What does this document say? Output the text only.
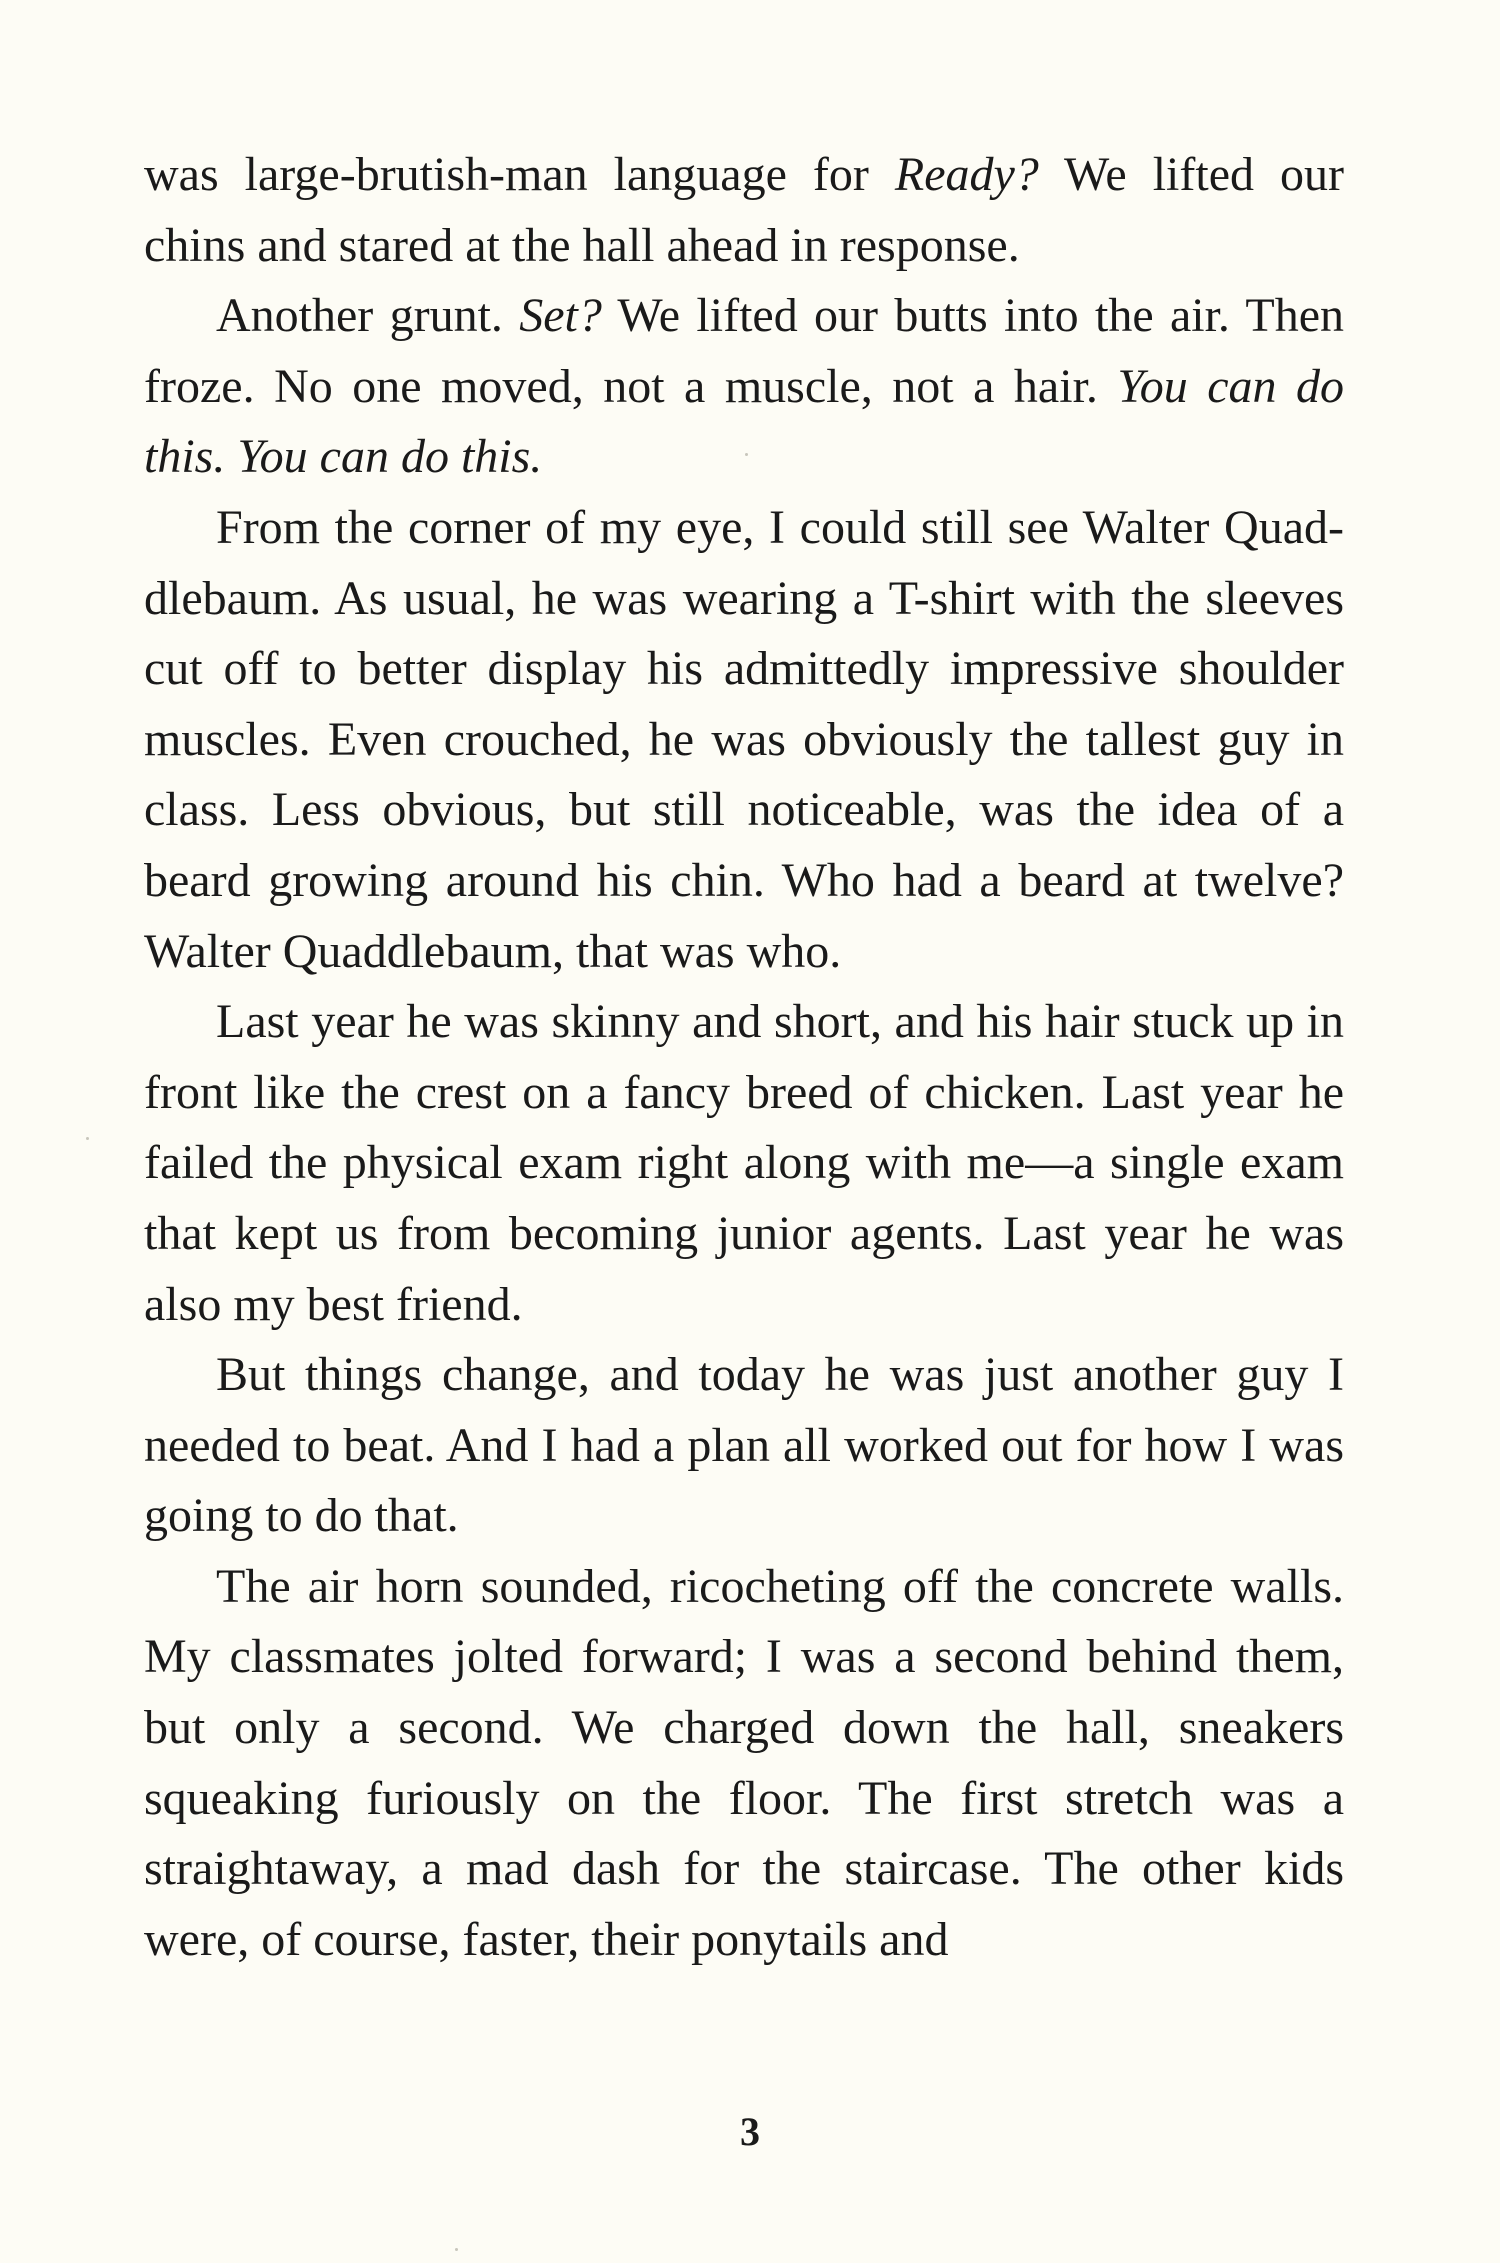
was large-brutish-man language for Ready? We lifted our chins and stared at the hall ahead in response.

Another grunt. Set? We lifted our butts into the air. Then froze. No one moved, not a muscle, not a hair. You can do this. You can do this.

From the corner of my eye, I could still see Walter Quaddlebaum. As usual, he was wearing a T-shirt with the sleeves cut off to better display his admittedly impressive shoulder muscles. Even crouched, he was obviously the tallest guy in class. Less obvious, but still noticeable, was the idea of a beard growing around his chin. Who had a beard at twelve? Walter Quaddlebaum, that was who.

Last year he was skinny and short, and his hair stuck up in front like the crest on a fancy breed of chicken. Last year he failed the physical exam right along with me—a single exam that kept us from becoming junior agents. Last year he was also my best friend.

But things change, and today he was just another guy I needed to beat. And I had a plan all worked out for how I was going to do that.

The air horn sounded, ricocheting off the concrete walls. My classmates jolted forward; I was a second behind them, but only a second. We charged down the hall, sneakers squeaking furiously on the floor. The first stretch was a straightaway, a mad dash for the staircase. The other kids were, of course, faster, their ponytails and

3
